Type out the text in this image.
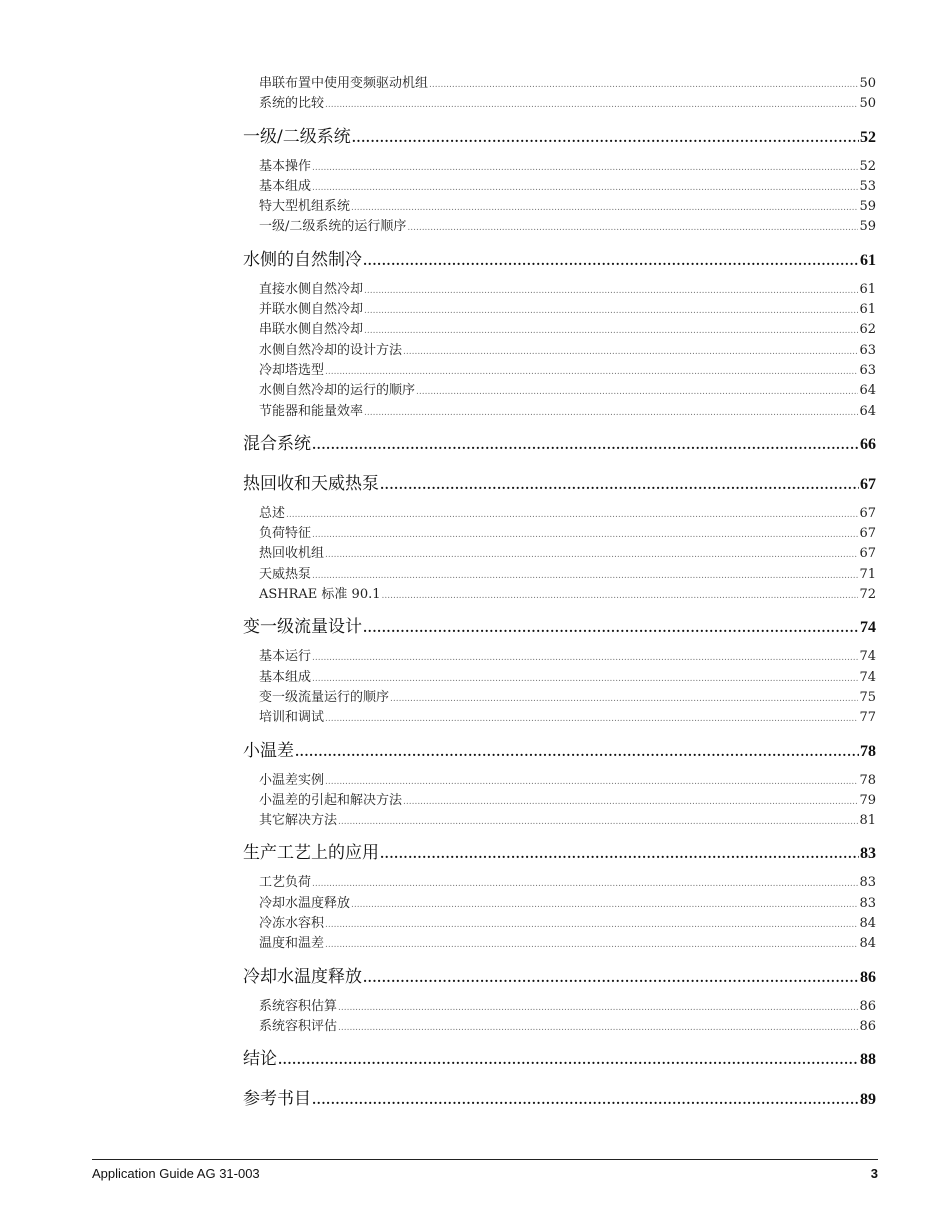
串联布置中使用变频驱动机组 .....	50
系统的比较 .....	50
一级/二级系统 .....	52
基本操作 .....	52
基本组成 .....	53
特大型机组系统 .....	59
一级/二级系统的运行顺序 .....	59
水侧的自然制冷 .....	61
直接水侧自然冷却 .....	61
并联水侧自然冷却 .....	61
串联水侧自然冷却 .....	62
水侧自然冷却的设计方法 .....	63
冷却塔选型 .....	63
水侧自然冷却的运行的顺序 .....	64
节能器和能量效率 .....	64
混合系统 .....	66
热回收和天威热泵 .....	67
总述 .....	67
负荷特征 .....	67
热回收机组 .....	67
天威热泵 .....	71
ASHRAE 标准 90.1 .....	72
变一级流量设计 .....	74
基本运行 .....	74
基本组成 .....	74
变一级流量运行的顺序 .....	75
培训和调试 .....	77
小温差 .....	78
小温差实例 .....	78
小温差的引起和解决方法 .....	79
其它解决方法 .....	81
生产工艺上的应用 .....	83
工艺负荷 .....	83
冷却水温度释放 .....	83
冷冻水容积 .....	84
温度和温差 .....	84
冷却水温度释放 .....	86
系统容积估算 .....	86
系统容积评估 .....	86
结论 .....	88
参考书目 .....	89
Application Guide AG 31-003	3
